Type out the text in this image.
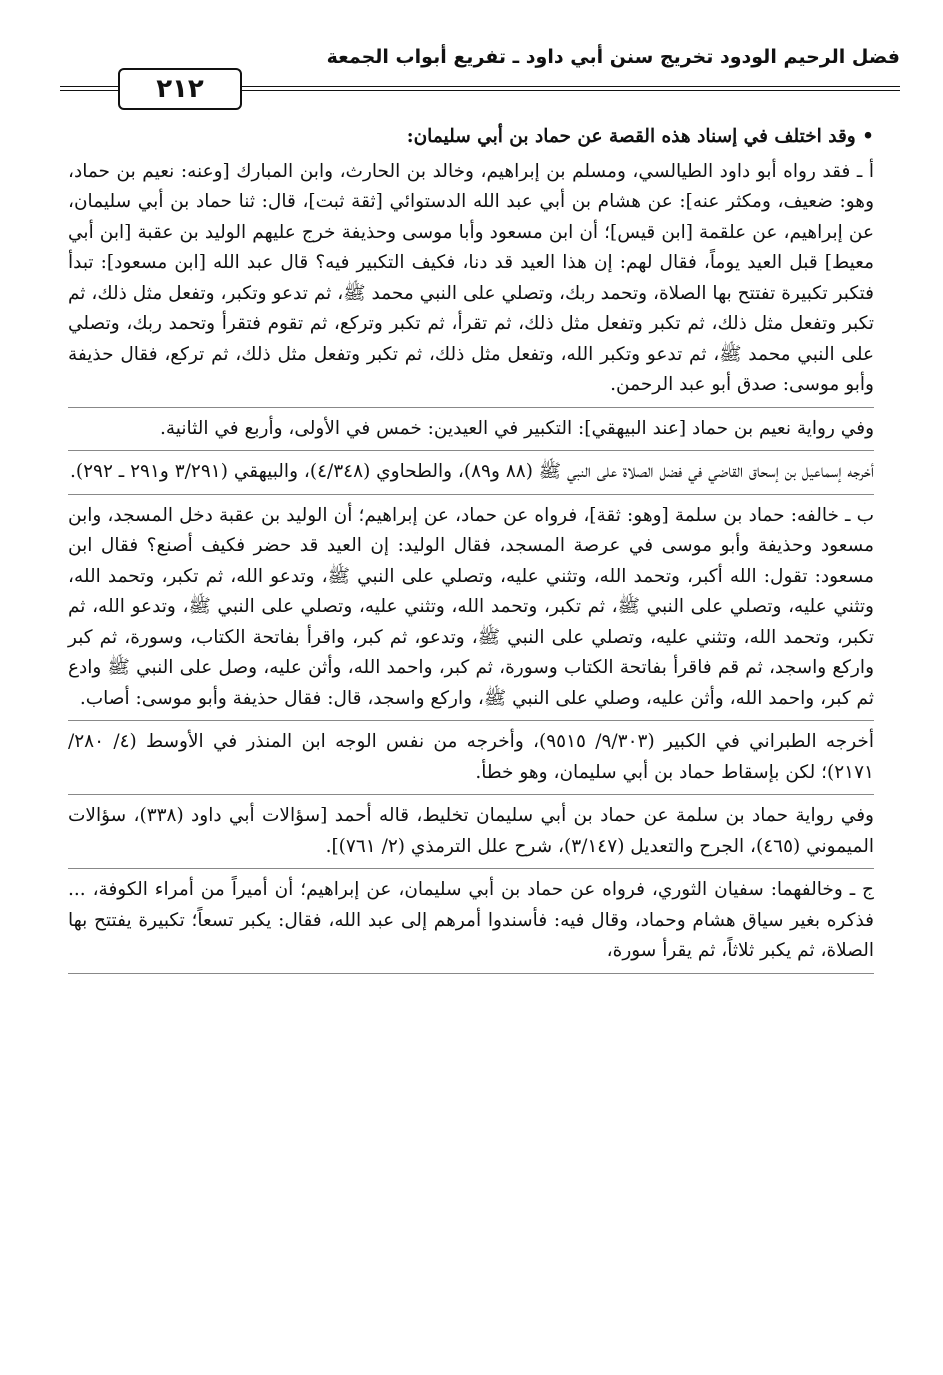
فضل الرحيم الودود تخريج سنن أبي داود ـ تفريع أبواب الجمعة
٢١٢

• وقد اختلف في إسناد هذه القصة عن حماد بن أبي سليمان:

أ ـ فقد رواه أبو داود الطيالسي، ومسلم بن إبراهيم، وخالد بن الحارث، وابن المبارك [وعنه: نعيم بن حماد، وهو: ضعيف، ومكثر عنه]: عن هشام بن أبي عبد الله الدستوائي [ثقة ثبت]، قال: ثنا حماد بن أبي سليمان، عن إبراهيم، عن علقمة [ابن قيس]؛ أن ابن مسعود وأبا موسى وحذيفة خرج عليهم الوليد بن عقبة [ابن أبي معيط] قبل العيد يوماً، فقال لهم: إن هذا العيد قد دنا، فكيف التكبير فيه؟ قال عبد الله [ابن مسعود]: تبدأ فتكبر تكبيرة تفتتح بها الصلاة، وتحمد ربك، وتصلي على النبي محمد ﷺ، ثم تدعو وتكبر، وتفعل مثل ذلك، ثم تكبر وتفعل مثل ذلك، ثم تكبر وتفعل مثل ذلك، ثم تقرأ، ثم تكبر وتركع، ثم تقوم فتقرأ وتحمد ربك، وتصلي على النبي محمد ﷺ، ثم تدعو وتكبر الله، وتفعل مثل ذلك، ثم تكبر وتفعل مثل ذلك، ثم تركع، فقال حذيفة وأبو موسى: صدق أبو عبد الرحمن.

وفي رواية نعيم بن حماد [عند البيهقي]: التكبير في العيدين: خمس في الأولى، وأربع في الثانية.

أخرجه إسماعيل بن إسحاق القاضي في فضل الصلاة على النبي ﷺ (٨٨ و٨٩)، والطحاوي (٤/٣٤٨)، والبيهقي (٣/٢٩١ و٢٩١ ـ ٢٩٢).

ب ـ خالفه: حماد بن سلمة [وهو: ثقة]، فرواه عن حماد، عن إبراهيم؛ أن الوليد بن عقبة دخل المسجد، وابن مسعود وحذيفة وأبو موسى في عرصة المسجد، فقال الوليد: إن العيد قد حضر فكيف أصنع؟ فقال ابن مسعود: تقول: الله أكبر، وتحمد الله، وتثني عليه، وتصلي على النبي ﷺ، وتدعو الله، ثم تكبر، وتحمد الله، وتثني عليه، وتصلي على النبي ﷺ، ثم تكبر، وتحمد الله، وتثني عليه، وتصلي على النبي ﷺ، وتدعو الله، ثم تكبر، وتحمد الله، وتثني عليه، وتصلي على النبي ﷺ، وتدعو، ثم كبر، واقرأ بفاتحة الكتاب، وسورة، ثم كبر واركع واسجد، ثم قم فاقرأ بفاتحة الكتاب وسورة، ثم كبر، واحمد الله، وأثن عليه، وصل على النبي ﷺ وادع ثم كبر، واحمد الله، وأثن عليه، وصلي على النبي ﷺ، واركع واسجد، قال: فقال حذيفة وأبو موسى: أصاب.

أخرجه الطبراني في الكبير (٩/٣٠٣/ ٩٥١٥)، وأخرجه من نفس الوجه ابن المنذر في الأوسط (٤/ ٢٨٠/ ٢١٧١)؛ لكن بإسقاط حماد بن أبي سليمان، وهو خطأ.

وفي رواية حماد بن سلمة عن حماد بن أبي سليمان تخليط، قاله أحمد [سؤالات أبي داود (٣٣٨)، سؤالات الميموني (٤٦٥)، الجرح والتعديل (٣/١٤٧)، شرح علل الترمذي (٢/ ٧٦١)].

ج ـ وخالفهما: سفيان الثوري، فرواه عن حماد بن أبي سليمان، عن إبراهيم؛ أن أميراً من أمراء الكوفة، ... فذكره بغير سياق هشام وحماد، وقال فيه: فأسندوا أمرهم إلى عبد الله، فقال: يكبر تسعاً؛ تكبيرة يفتتح بها الصلاة، ثم يكبر ثلاثاً، ثم يقرأ سورة،
